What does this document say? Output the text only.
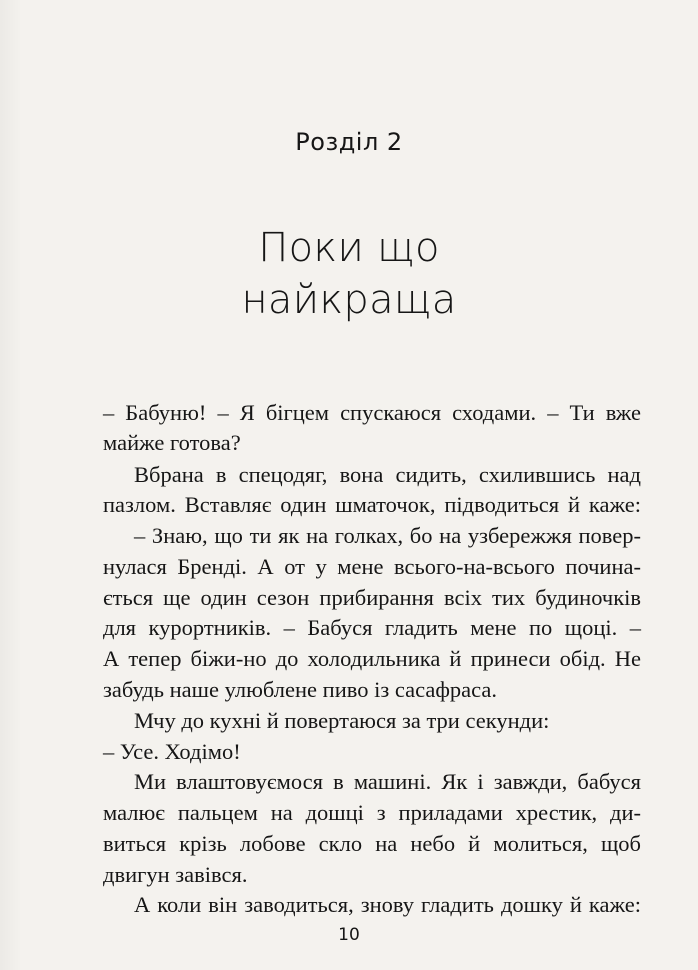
Розділ 2
Поки що
найкраща
– Бабуню! – Я бігцем спускаюся сходами. – Ти вже
майже готова?
Вбрана в спецодяг, вона сидить, схилившись над
пазлом. Вставляє один шматочок, підводиться й каже:
– Знаю, що ти як на голках, бо на узбережжя повер-
нулася Бренді. А от у мене всього-на-всього почина-
ється ще один сезон прибирання всіх тих будиночків
для курортників. – Бабуся гладить мене по щоці. –
А тепер біжи-но до холодильника й принеси обід. Не
забудь наше улюблене пиво із сасафраса.
Мчу до кухні й повертаюся за три секунди:
– Усе. Ходімо!
Ми влаштовуємося в машині. Як і завжди, бабуся
малює пальцем на дошці з приладами хрестик, ди-
виться крізь лобове скло на небо й молиться, щоб
двигун завівся.
А коли він заводиться, знову гладить дошку й каже:
10
